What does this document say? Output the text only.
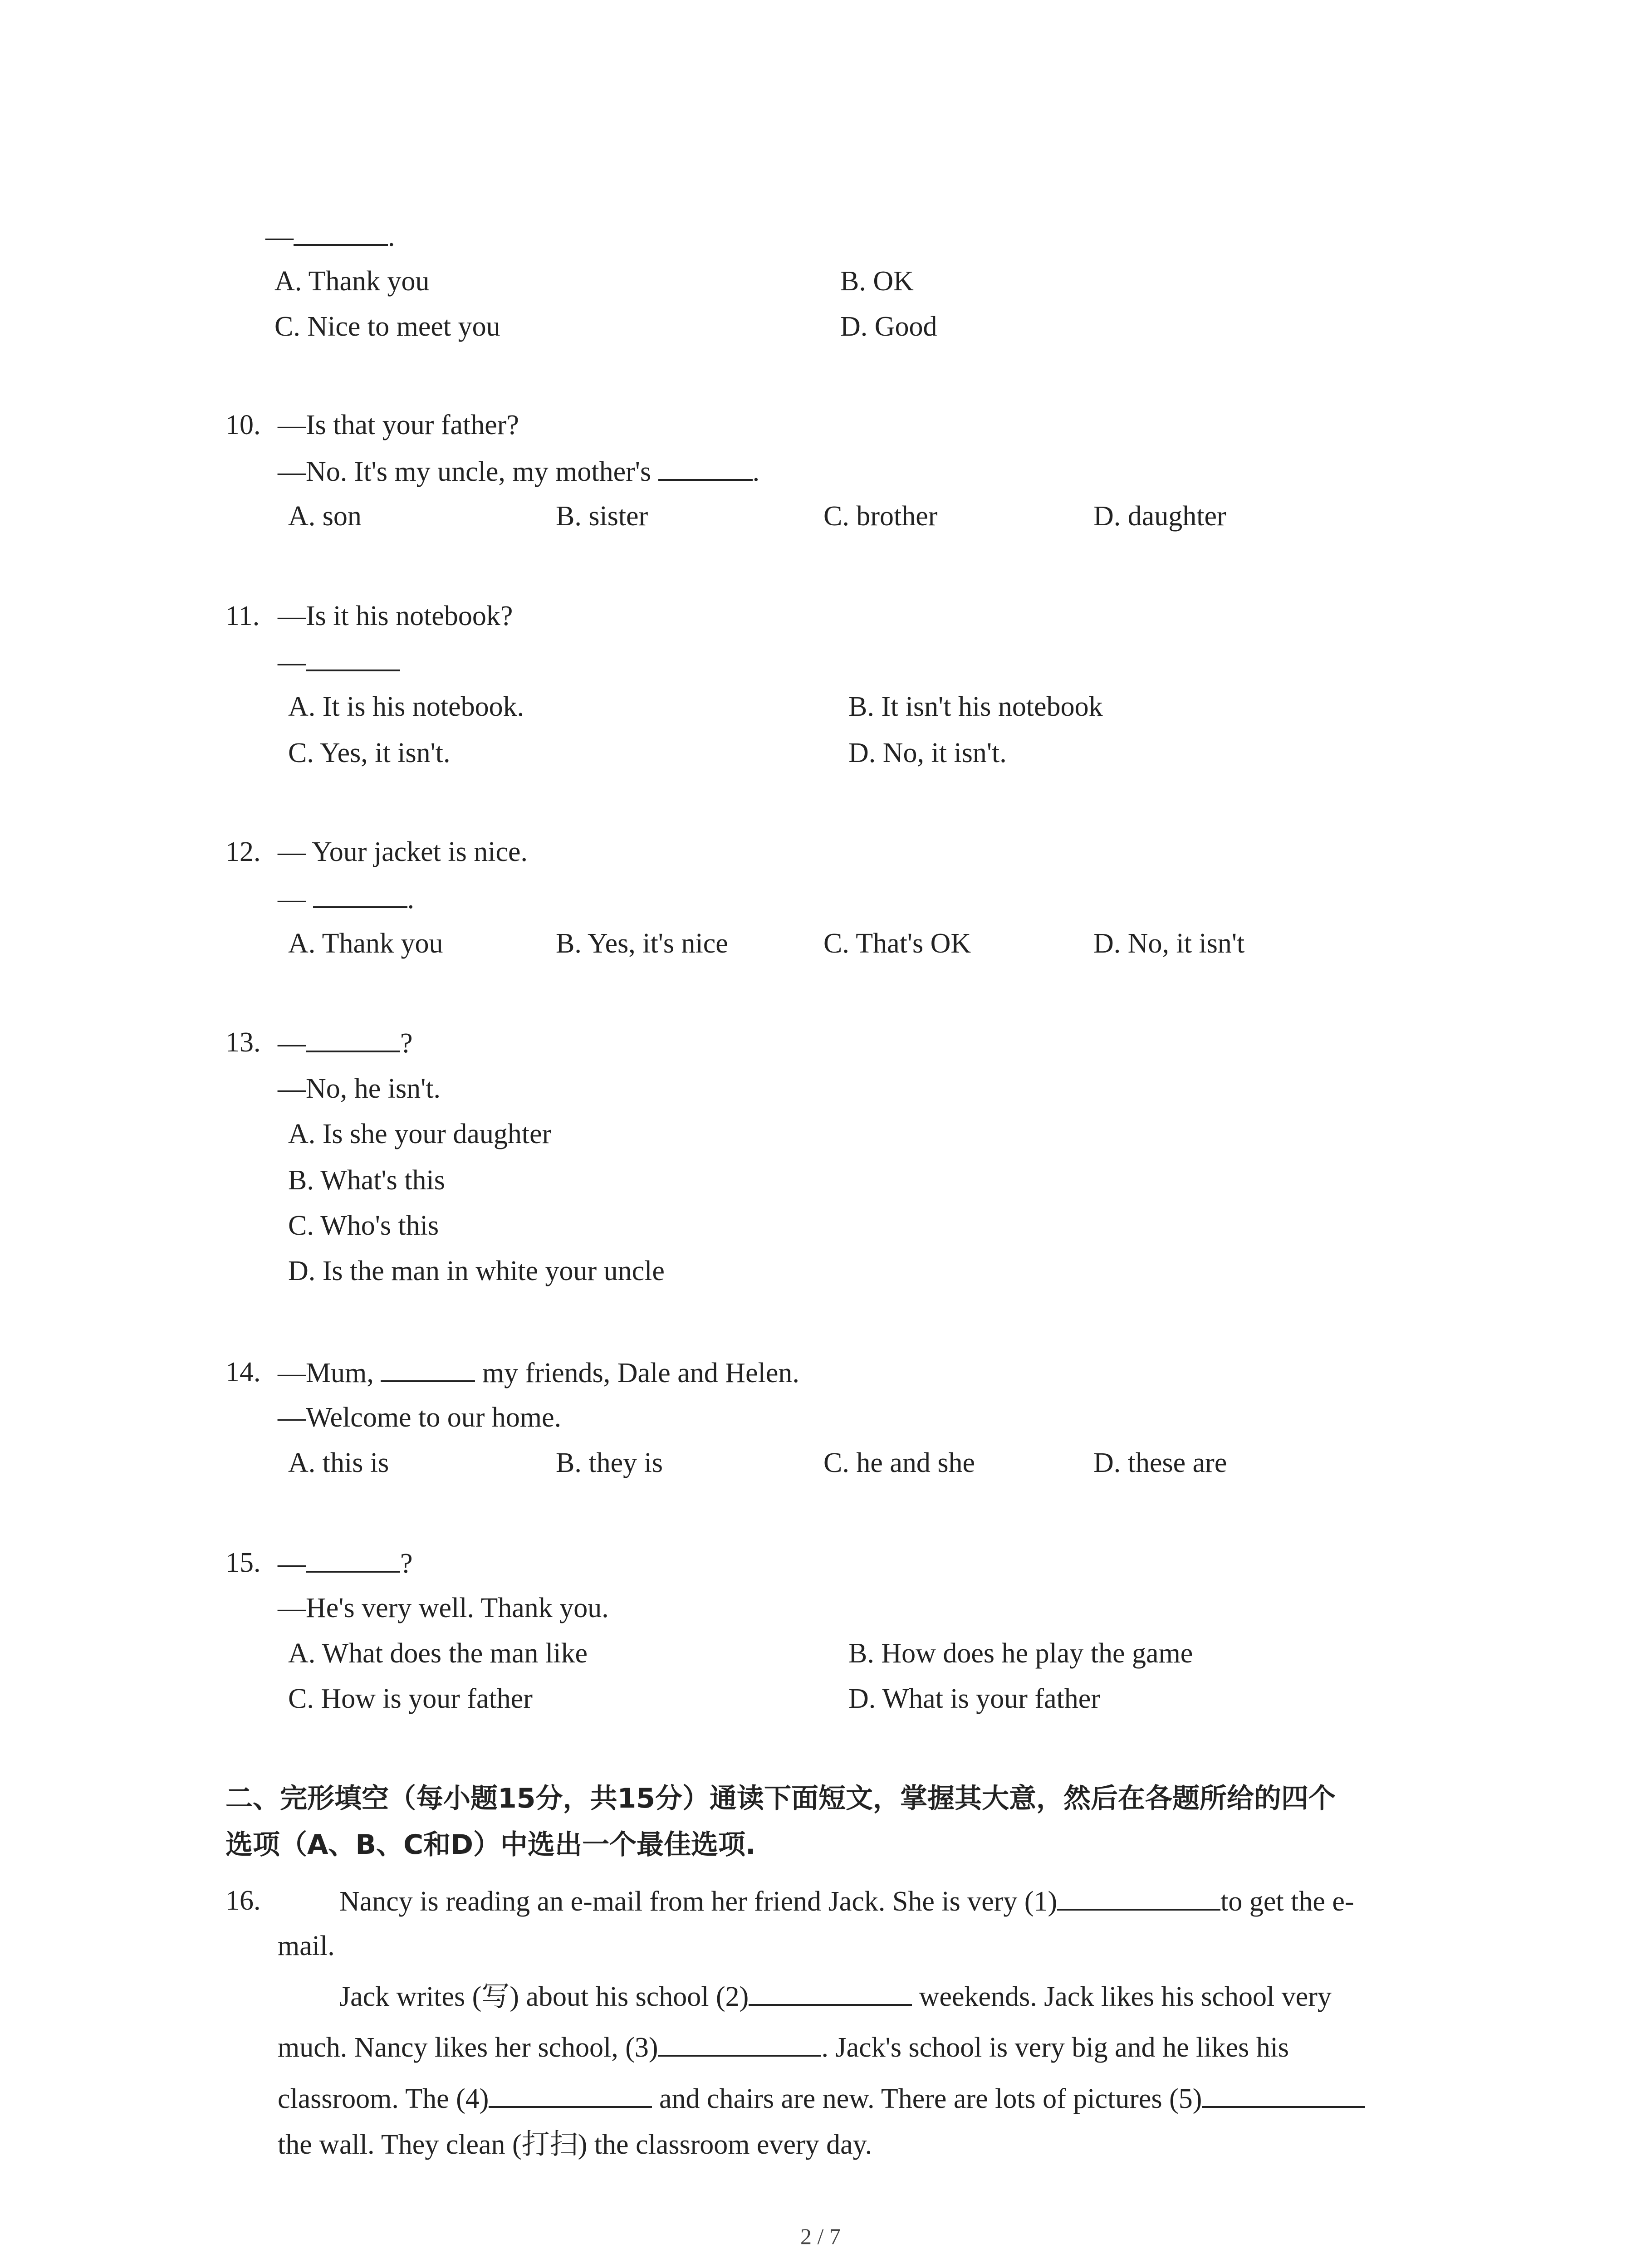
—	.
A. Thank you	B. OK
C. Nice to meet you	D. Good
10. —Is that your father?
—No. It's my uncle, my mother's	.
A. son	B. sister	C. brother	D. daughter
11. —Is it his notebook?
—
A. It is his notebook.	B. It isn't his notebook
C. Yes, it isn't.	D. No, it isn't.
12. — Your jacket is nice.
—	.
A. Thank you	B. Yes, it's nice	C. That's OK	D. No, it isn't
13. —	?
—No, he isn't.
A. Is she your daughter
B. What's this
C. Who's this
D. Is the man in white your uncle
14. —Mum,	my friends, Dale and Helen.
—Welcome to our home.
A. this is	B. they is	C. he and she	D. these are
15. —	?
—He's very well. Thank you.
A. What does the man like	B. How does he play the game
C. How is your father	D. What is your father
二、完形填空（每小题15分，共15分）通读下面短文，掌握其大意，然后在各题所给的四个
选项（A、B、C和D）中选出一个最佳选项.
16.	Nancy is reading an e-mail from her friend Jack. She is very (1)	to get the e-
mail.
Jack writes (写) about his school (2)	weekends. Jack likes his school very
much. Nancy likes her school, (3)	. Jack's school is very big and he likes his
classroom. The (4)	and chairs are new. There are lots of pictures (5)
the wall. They clean (打扫) the classroom every day.
2 / 7
